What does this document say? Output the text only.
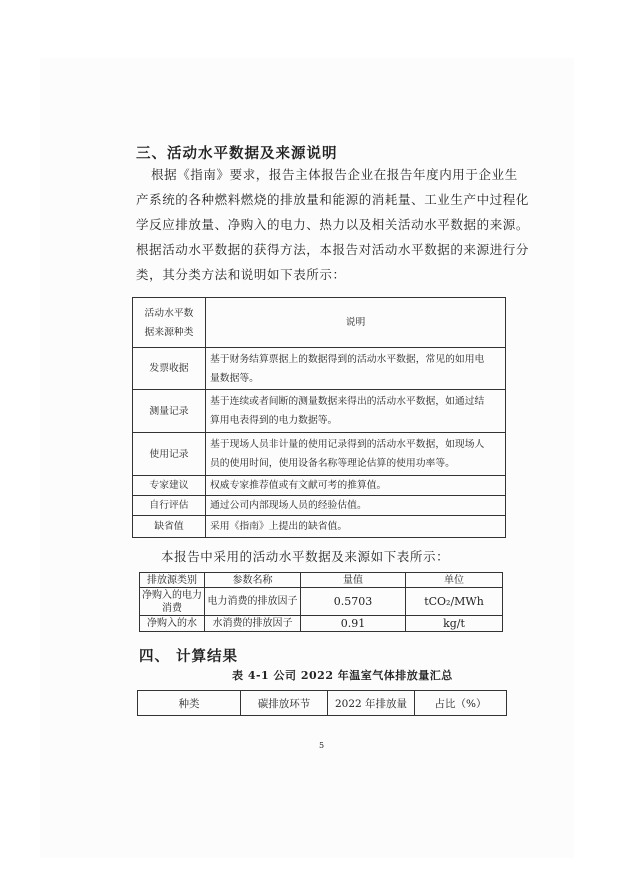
三、活动水平数据及来源说明
根据《指南》要求，报告主体报告企业在报告年度内用于企业生
产系统的各种燃料燃烧的排放量和能源的消耗量、工业生产中过程化
学反应排放量、净购入的电力、热力以及相关活动水平数据的来源。
根据活动水平数据的获得方法，本报告对活动水平数据的来源进行分
类，其分类方法和说明如下表所示：
活动水平数
据来源种类	说明
发票收据	基于财务结算票据上的数据得到的活动水平数据，常见的如用电
量数据等。

测量记录	基于连续或者间断的测量数据来得出的活动水平数据，如通过结
算用电表得到的电力数据等。

使用记录	基于现场人员非计量的使用记录得到的活动水平数据，如现场人
员的使用时间，使用设备名称等理论估算的使用功率等。

专家建议	权威专家推荐值或有文献可考的推算值。
自行评估	通过公司内部现场人员的经验估值。
缺省值	采用《指南》上提出的缺省值。
本报告中采用的活动水平数据及来源如下表所示：
排放源类别	参数名称	量值	单位

净购入的电力
消费	电力消费的排放因子	0.5703	tCO₂/MWh
净购入的水	水消费的排放因子	0.91	kg/t
四、 计算结果
表 4-1 公司 2022 年温室气体排放量汇总
种类	碳排放环节	2022 年排放量	占比（%）
5
